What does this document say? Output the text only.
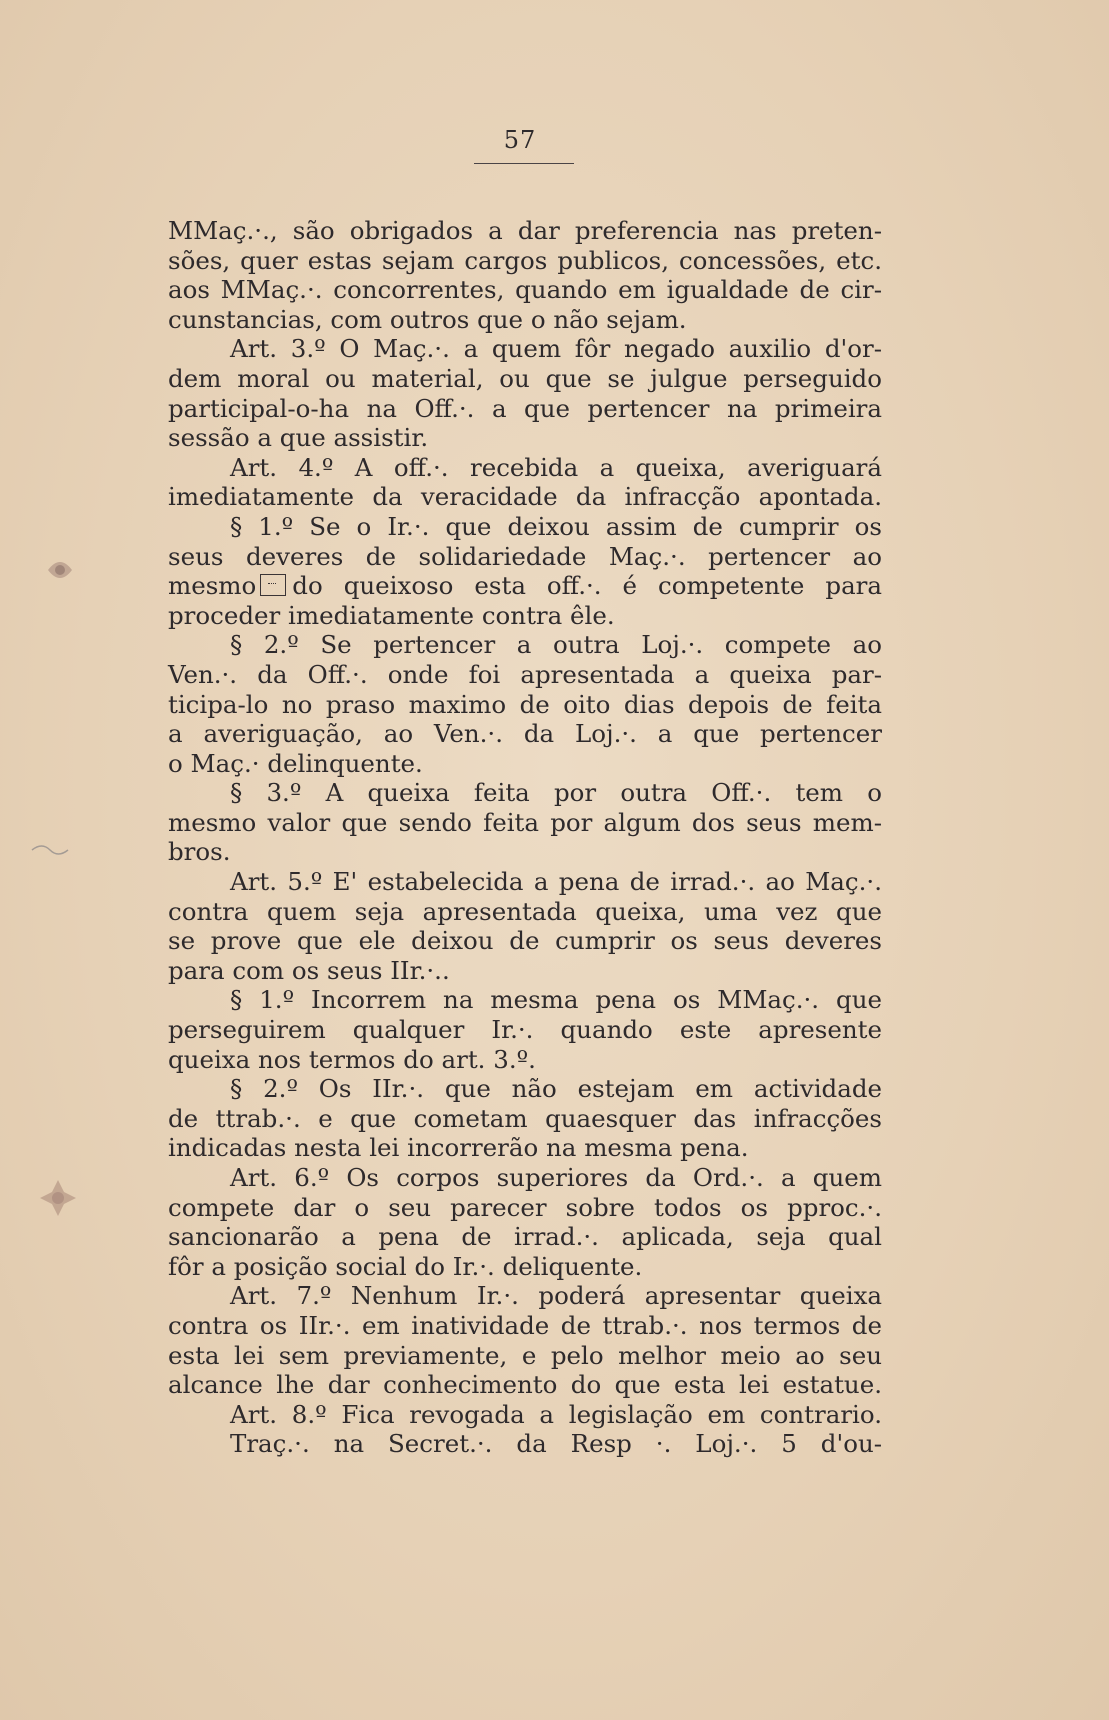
57
MMaç.·., são obrigados a dar preferencia nas preten-
sões, quer estas sejam cargos publicos, concessões, etc.
aos MMaç.·. concorrentes, quando em igualdade de cir-
cunstancias, com outros que o não sejam.
Art. 3.º O Maç.·. a quem fôr negado auxilio d'or-
dem moral ou material, ou que se julgue perseguido
participal-o-ha na Off.·. a que pertencer na primeira
sessão a que assistir.
Art. 4.º A off.·. recebida a queixa, averiguará
imediatamente da veracidade da infracção apontada.
§ 1.º Se o Ir.·. que deixou assim de cumprir os
seus deveres de solidariedade Maç.·. pertencer ao
mesmo do queixoso esta off.·. é competente para
proceder imediatamente contra êle.
§ 2.º Se pertencer a outra Loj.·. compete ao
Ven.·. da Off.·. onde foi apresentada a queixa par-
ticipa-lo no praso maximo de oito dias depois de feita
a averiguação, ao Ven.·. da Loj.·. a que pertencer
o Maç.· delinquente.
§ 3.º A queixa feita por outra Off.·. tem o
mesmo valor que sendo feita por algum dos seus mem-
bros.
Art. 5.º E' estabelecida a pena de irrad.·. ao Maç.·.
contra quem seja apresentada queixa, uma vez que
se prove que ele deixou de cumprir os seus deveres
para com os seus IIr.·..
§ 1.º Incorrem na mesma pena os MMaç.·. que
perseguirem qualquer Ir.·. quando este apresente
queixa nos termos do art. 3.º.
§ 2.º Os IIr.·. que não estejam em actividade
de ttrab.·. e que cometam quaesquer das infracções
indicadas nesta lei incorrerão na mesma pena.
Art. 6.º Os corpos superiores da Ord.·. a quem
compete dar o seu parecer sobre todos os pproc.·.
sancionarão a pena de irrad.·. aplicada, seja qual
fôr a posição social do Ir.·. deliquente.
Art. 7.º Nenhum Ir.·. poderá apresentar queixa
contra os IIr.·. em inatividade de ttrab.·. nos termos de
esta lei sem previamente, e pelo melhor meio ao seu
alcance lhe dar conhecimento do que esta lei estatue.
Art. 8.º Fica revogada a legislação em contrario.
Traç.·. na Secret.·. da Resp ·. Loj.·. 5 d'ou-
